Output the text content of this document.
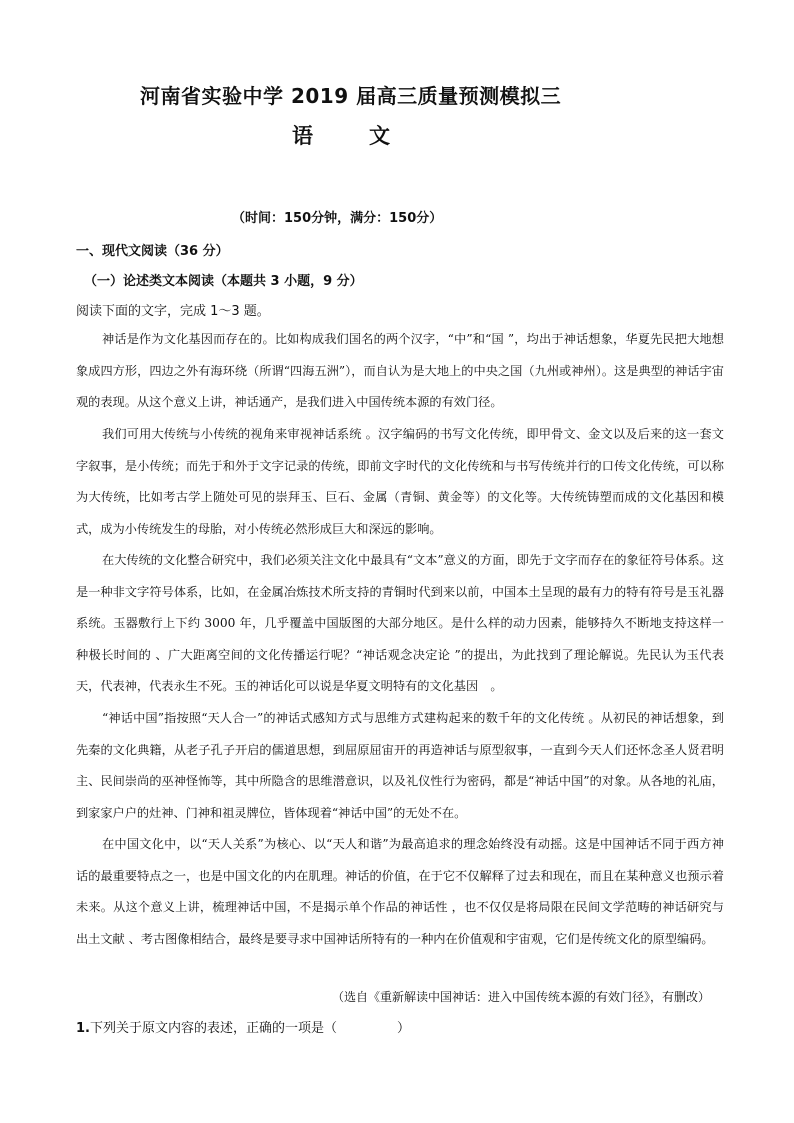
河南省实验中学 2019 届高三质量预测模拟三
语文
（时间：150分钟，满分：150分）
一、现代文阅读（36 分）
（一）论述类文本阅读（本题共 3 小题，9 分）
阅读下面的文字，完成 1～3 题。

神话是作为文化基因而存在的。比如构成我们国名的两个汉字，“中”和“国 ”，均出于神话想象，华夏先民把大地想象成四方形，四边之外有海环绕（所谓“四海五洲”），而自认为是大地上的中央之国（九州或神州）。这是典型的神话宇宙观的表现。从这个意义上讲，神话通产，是我们进入中国传统本源的有效门径。

我们可用大传统与小传统的视角来审视神话系统 。汉字编码的书写文化传统，即甲骨文、金文以及后来的这一套文字叙事，是小传统；而先于和外于文字记录的传统，即前文字时代的文化传统和与书写传统并行的口传文化传统，可以称为大传统，比如考古学上随处可见的崇拜玉、巨石、金属（青铜、黄金等）的文化等。大传统铸塑而成的文化基因和模式，成为小传统发生的母胎，对小传统必然形成巨大和深远的影响。

在大传统的文化整合研究中，我们必须关注文化中最具有“文本”意义的方面，即先于文字而存在的象征符号体系。这是一种非文字符号体系，比如，在金属冶炼技术所支持的青铜时代到来以前，中国本土呈现的最有力的特有符号是玉礼器系统。玉器敷行上下约 3000 年，几乎覆盖中国版图的大部分地区。是什么样的动力因素，能够持久不断地支持这样一种极长时间的 、广大距离空间的文化传播运行呢？“神话观念决定论 ”的提出，为此找到了理论解说。先民认为玉代表天，代表神，代表永生不死。玉的神话化可以说是华夏文明特有的文化基因　。

“神话中国”指按照“天人合一”的神话式感知方式与思维方式建构起来的数千年的文化传统 。从初民的神话想象，到先秦的文化典籍，从老子孔子开启的儒道思想，到屈原屈宙开的再造神话与原型叙事，一直到今天人们还怀念圣人贤君明主、民间崇尚的巫神怪怖等，其中所隐含的思维潜意识，以及礼仪性行为密码，都是“神话中国”的对象。从各地的礼庙，到家家户户的灶神、门神和祖灵牌位，皆体现着“神话中国”的无处不在。

在中国文化中，以“天人关系”为核心、以“天人和谐”为最高追求的理念始终没有动摇。这是中国神话不同于西方神话的最重要特点之一，也是中国文化的内在肌理。神话的价值，在于它不仅解释了过去和现在，而且在某种意义也预示着未来。从这个意义上讲，梳理神话中国，不是揭示单个作品的神话性 ，也不仅仅是将局限在民间文学范畴的神话研究与出土文献 、考古图像相结合，最终是要寻求中国神话所特有的一种内在价值观和宇宙观，它们是传统文化的原型编码。

（选自《重新解读中国神话：进入中国传统本源的有效门径》，有删改）
1.下列关于原文内容的表述，正确的一项是（	）
